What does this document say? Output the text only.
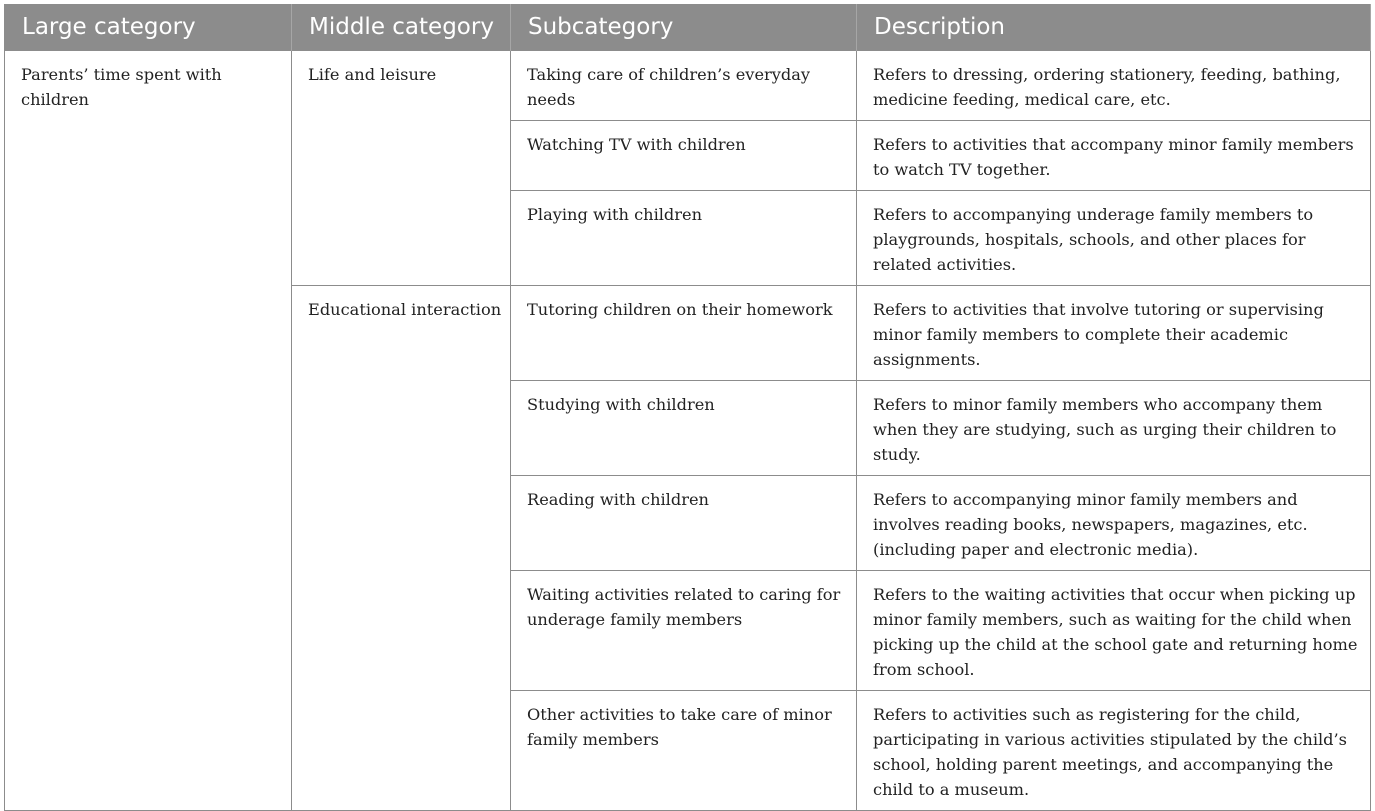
Large category	Middle category	Subcategory	Description
Parents’ time spent with children	Life and leisure	Taking care of children’s everyday needs	Refers to dressing, ordering stationery, feeding, bathing, medicine feeding, medical care, etc.
		Watching TV with children	Refers to activities that accompany minor family members to watch TV together.
		Playing with children	Refers to accompanying underage family members to playgrounds, hospitals, schools, and other places for related activities.
	Educational interaction	Tutoring children on their homework	Refers to activities that involve tutoring or supervising minor family members to complete their academic assignments.
		Studying with children	Refers to minor family members who accompany them when they are studying, such as urging their children to study.
		Reading with children	Refers to accompanying minor family members and involves reading books, newspapers, magazines, etc. (including paper and electronic media).
		Waiting activities related to caring for underage family members	Refers to the waiting activities that occur when picking up minor family members, such as waiting for the child when picking up the child at the school gate and returning home from school.
		Other activities to take care of minor family members	Refers to activities such as registering for the child, participating in various activities stipulated by the child’s school, holding parent meetings, and accompanying the child to a museum.
